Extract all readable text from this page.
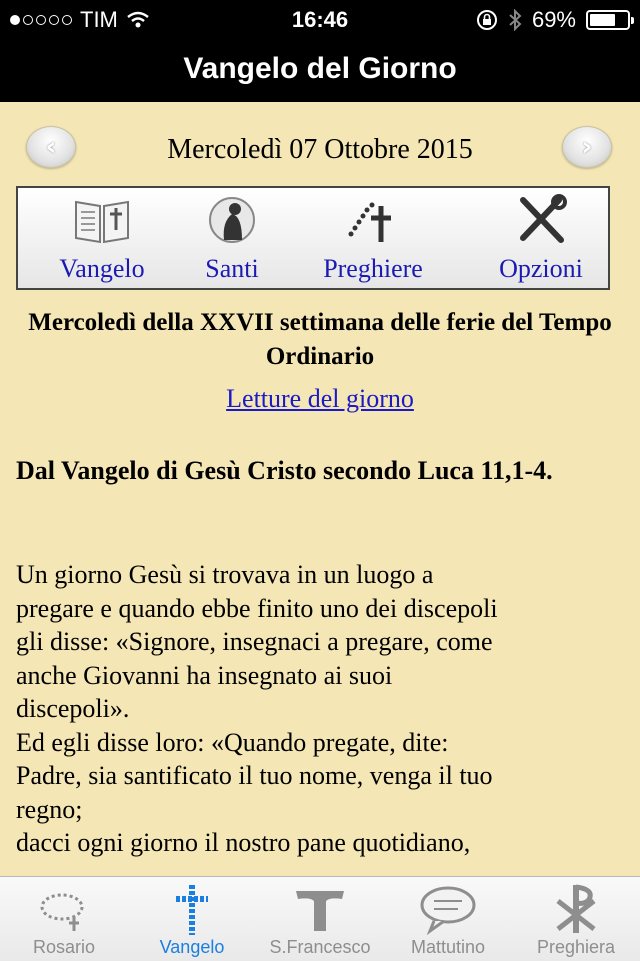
TIM	16:46	69%
Vangelo del Giorno
‹	Mercoledì 07 Ottobre 2015	›
Vangelo	Santi	Preghiere	Opzioni
Mercoledì della XXVII settimana delle ferie del Tempo Ordinario
Letture del giorno
Dal Vangelo di Gesù Cristo secondo Luca 11,1-4.
Un giorno Gesù si trovava in un luogo a
pregare e quando ebbe finito uno dei discepoli
gli disse: «Signore, insegnaci a pregare, come
anche Giovanni ha insegnato ai suoi
discepoli».
Ed egli disse loro: «Quando pregate, dite:
Padre, sia santificato il tuo nome, venga il tuo
regno;
dacci ogni giorno il nostro pane quotidiano,
Rosario	Vangelo	S.Francesco	Mattutino	Preghiera
